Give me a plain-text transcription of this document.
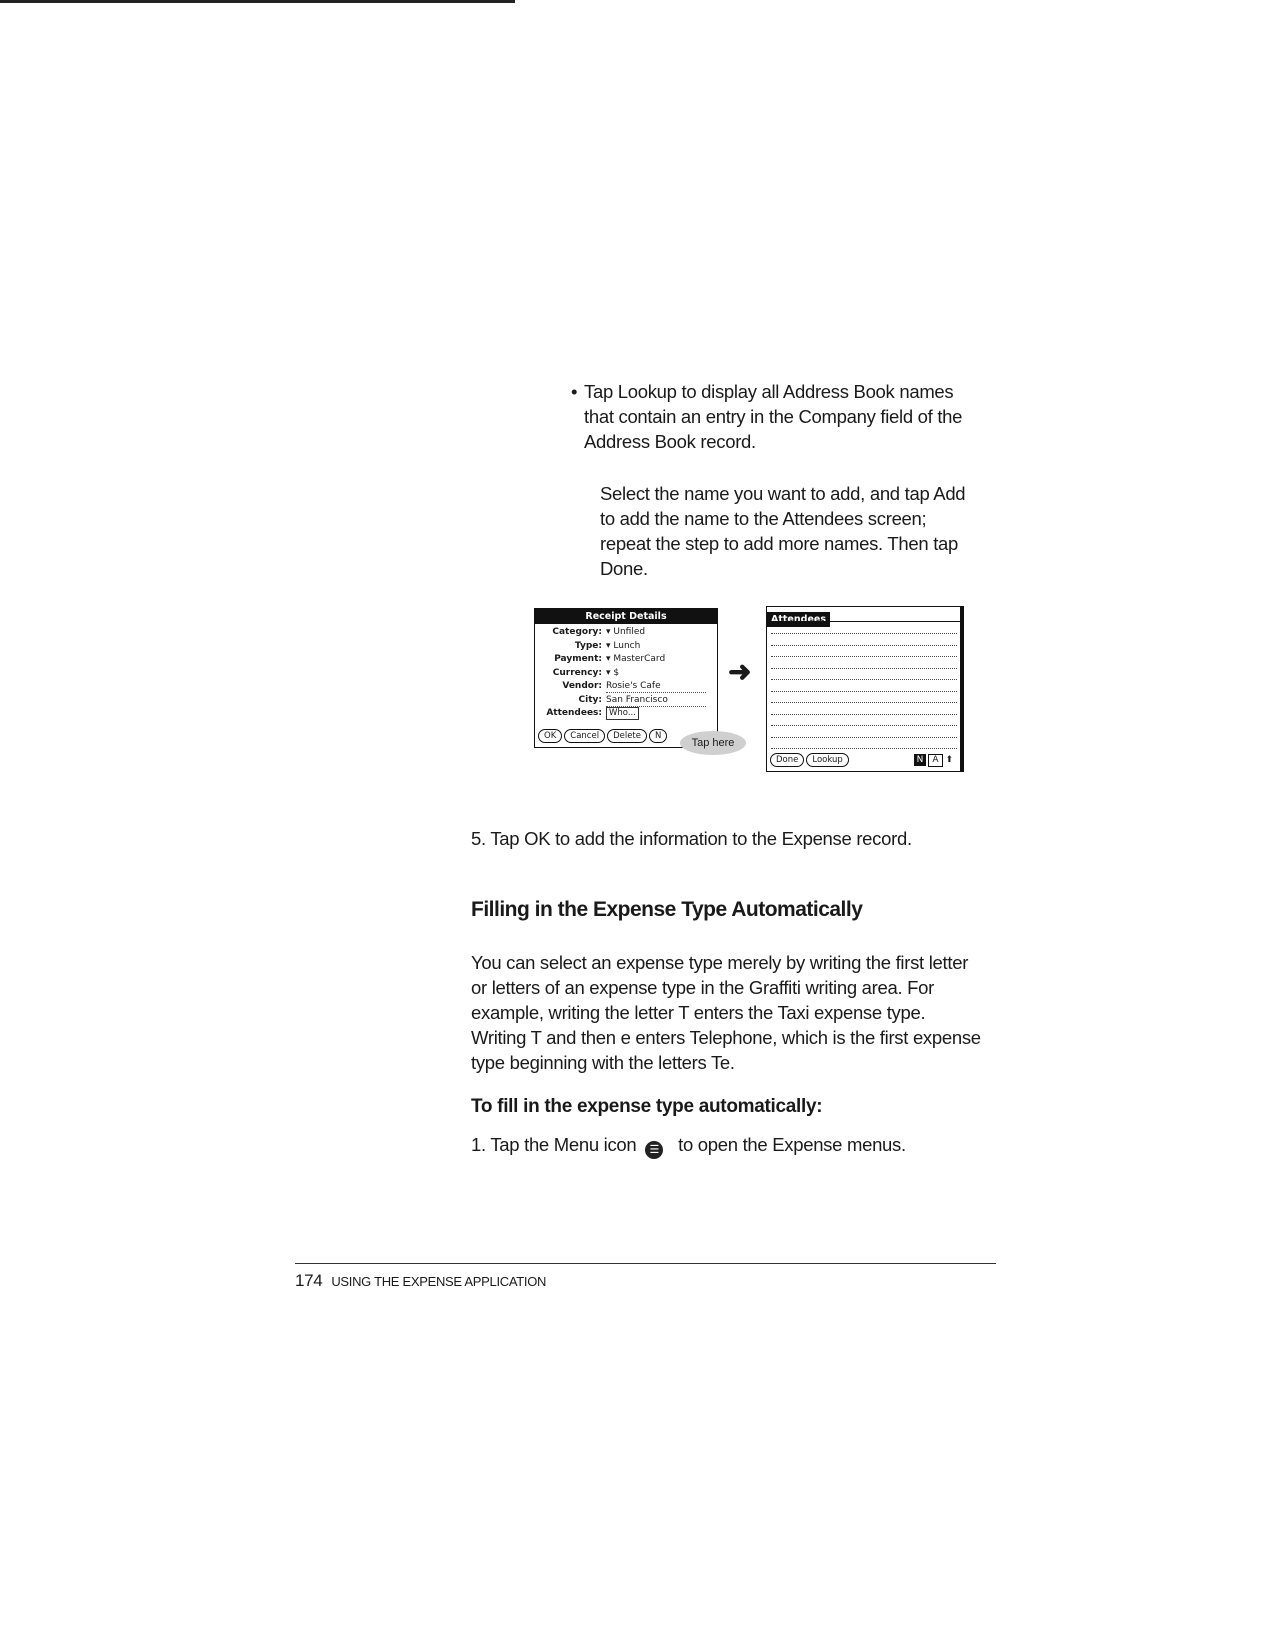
• Tap Lookup to display all Address Book names that contain an entry in the Company field of the Address Book record.
Select the name you want to add, and tap Add to add the name to the Attendees screen; repeat the step to add more names. Then tap Done.
Receipt Details
Category: ▾ Unfiled
Type: ▾ Lunch
Payment: ▾ MasterCard
Currency: ▾ $
Vendor: Rosie's Cafe
City: San Francisco
Attendees: Who...
OK Cancel Delete N
Tap here
➜
Attendees
Done Lookup	N A ⬆
5. Tap OK to add the information to the Expense record.
Filling in the Expense Type Automatically
You can select an expense type merely by writing the first letter or letters of an expense type in the Graffiti writing area. For example, writing the letter T enters the Taxi expense type. Writing T and then e enters Telephone, which is the first expense type beginning with the letters Te.
To fill in the expense type automatically:
1. Tap the Menu icon ☰ to open the Expense menus.
174 USING THE EXPENSE APPLICATION
